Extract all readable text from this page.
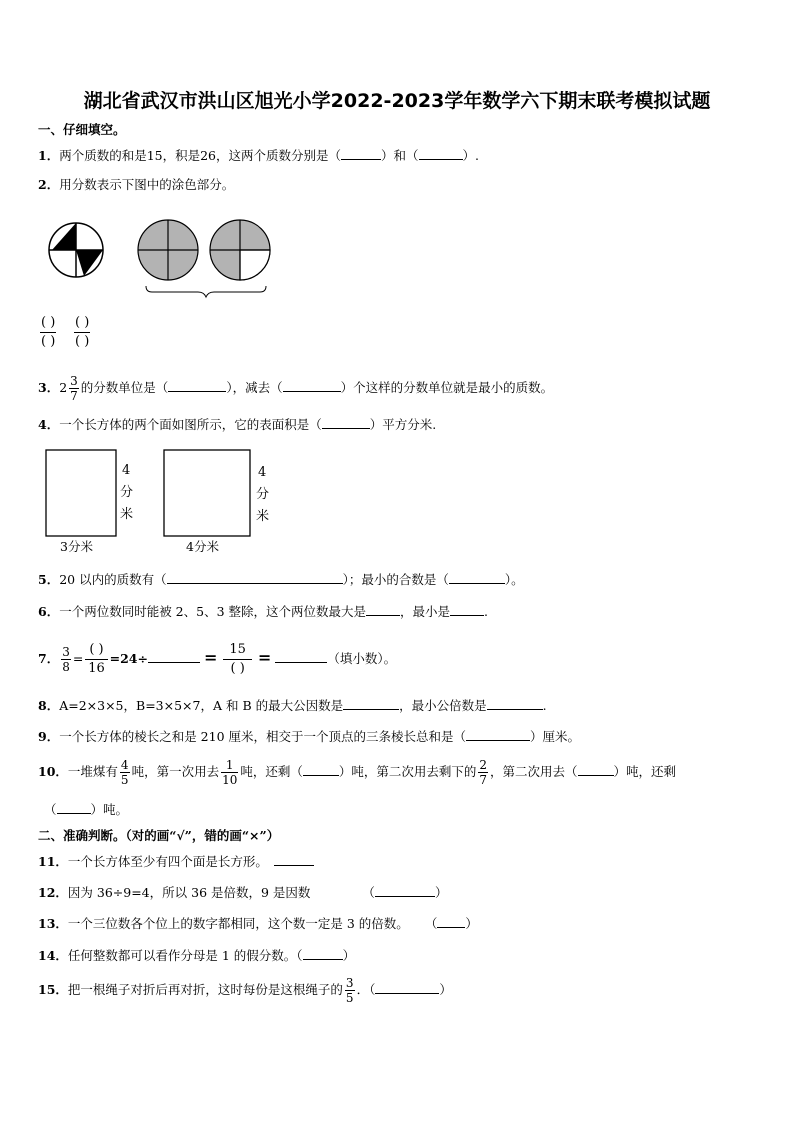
湖北省武汉市洪山区旭光小学2022-2023学年数学六下期末联考模拟试题
一、仔细填空。
1．两个质数的和是15，积是26，这两个质数分别是（	）和（	）.
2．用分数表示下图中的涂色部分。
$\frac{( )}{( )} \frac{( )}{( )}$
3．$2 \frac{3}{7}$ 的分数单位是（	），减去（	）个这样的分数单位就是最小的质数。
4．一个长方体的两个面如图所示，它的表面积是（	）平方分米.
4
分
米
4
分
米
3分米	4分米
5．20 以内的质数有（	）；最小的合数是（	）。
6．一个两位数同时能被 2、5、3 整除，这个两位数最大是	，最小是	.
7． $\frac{3}{8} = \frac{( )}{16} =24\div$	= $\frac{15}{( )}$ =	（填小数）。
8．A=2×3×5，B=3×5×7，A 和 B 的最大公因数是	，最小公倍数是	.
9．一个长方体的棱长之和是 210 厘米，相交于一个顶点的三条棱长总和是（	）厘米。
10．一堆煤有 $\frac{4}{5}$ 吨，第一次用去 $\frac{1}{10}$ 吨，还剩（	）吨，第二次用去剩下的 $\frac{2}{7}$ ，第二次用去（	）吨，还剩
（	）吨。
二、准确判断。（对的画“√”，错的画“×”）
11．一个长方体至少有四个面是长方形。
12．因为 36÷9=4，所以 36 是倍数，9 是因数	（	）
13．一个三位数各个位上的数字都相同，这个数一定是 3 的倍数。 （ ）
14．任何整数都可以看作分母是 1 的假分数。（	）
15．把一根绳子对折后再对折，这时每份是这根绳子的 $\frac{3}{5}$ ．（	）
